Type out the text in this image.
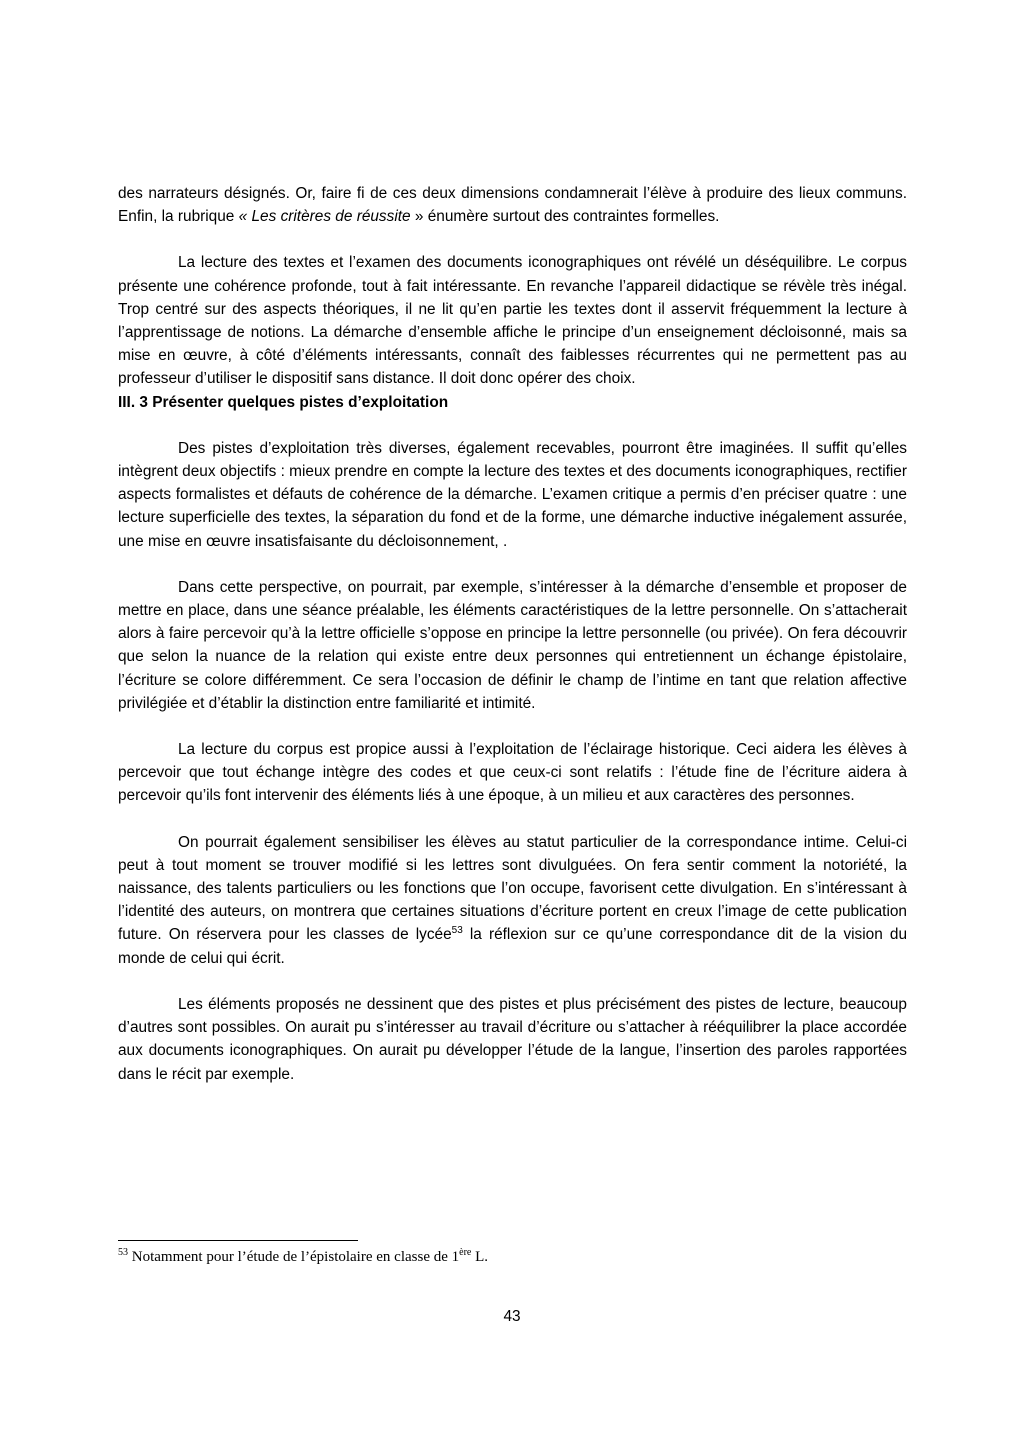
des narrateurs désignés. Or, faire fi de ces deux dimensions condamnerait l’élève à produire des lieux communs. Enfin, la rubrique « Les critères de réussite » énumère surtout des contraintes formelles.

La lecture des textes et l’examen des documents iconographiques ont révélé un déséquilibre. Le corpus présente une cohérence profonde, tout à fait intéressante. En revanche l’appareil didactique se révèle très inégal. Trop centré sur des aspects théoriques, il ne lit qu’en partie les textes dont il asservit fréquemment la lecture à l’apprentissage de notions. La démarche d’ensemble affiche le principe d’un enseignement décloisonné, mais sa mise en œuvre, à côté d’éléments intéressants, connaît des faiblesses récurrentes qui ne permettent pas au professeur d’utiliser le dispositif sans distance. Il doit donc opérer des choix.

III. 3 Présenter quelques pistes d’exploitation

Des pistes d’exploitation très diverses, également recevables, pourront être imaginées. Il suffit qu’elles intègrent deux objectifs : mieux prendre en compte la lecture des textes et des documents iconographiques, rectifier aspects formalistes et défauts de cohérence de la démarche. L’examen critique a permis d’en préciser quatre : une lecture superficielle des textes, la séparation du fond et de la forme, une démarche inductive inégalement assurée, une mise en œuvre insatisfaisante du décloisonnement, .

Dans cette perspective, on pourrait, par exemple, s’intéresser à la démarche d’ensemble et proposer de mettre en place, dans une séance préalable, les éléments caractéristiques de la lettre personnelle. On s’attacherait alors à faire percevoir qu’à la lettre officielle s’oppose en principe la lettre personnelle (ou privée). On fera découvrir que selon la nuance de la relation qui existe entre deux personnes qui entretiennent un échange épistolaire, l’écriture se colore différemment. Ce sera l’occasion de définir le champ de l’intime en tant que relation affective privilégiée et d’établir la distinction entre familiarité et intimité.

La lecture du corpus est propice aussi à l’exploitation de l’éclairage historique. Ceci aidera les élèves à percevoir que tout échange intègre des codes et que ceux-ci sont relatifs : l’étude fine de l’écriture aidera à percevoir qu’ils font intervenir des éléments liés à une époque, à un milieu et aux caractères des personnes.

On pourrait également sensibiliser les élèves au statut particulier de la correspondance intime. Celui-ci peut à tout moment se trouver modifié si les lettres sont divulguées. On fera sentir comment la notoriété, la naissance, des talents particuliers ou les fonctions que l’on occupe, favorisent cette divulgation. En s’intéressant à l’identité des auteurs, on montrera que certaines situations d’écriture portent en creux l’image de cette publication future. On réservera pour les classes de lycée$^{53}$ la réflexion sur ce qu’une correspondance dit de la vision du monde de celui qui écrit.

Les éléments proposés ne dessinent que des pistes et plus précisément des pistes de lecture, beaucoup d’autres sont possibles. On aurait pu s’intéresser au travail d’écriture ou s’attacher à rééquilibrer la place accordée aux documents iconographiques. On aurait pu développer l’étude de la langue, l’insertion des paroles rapportées dans le récit par exemple.

$^{53}$ Notamment pour l’étude de l’épistolaire en classe de 1ère L.
43
